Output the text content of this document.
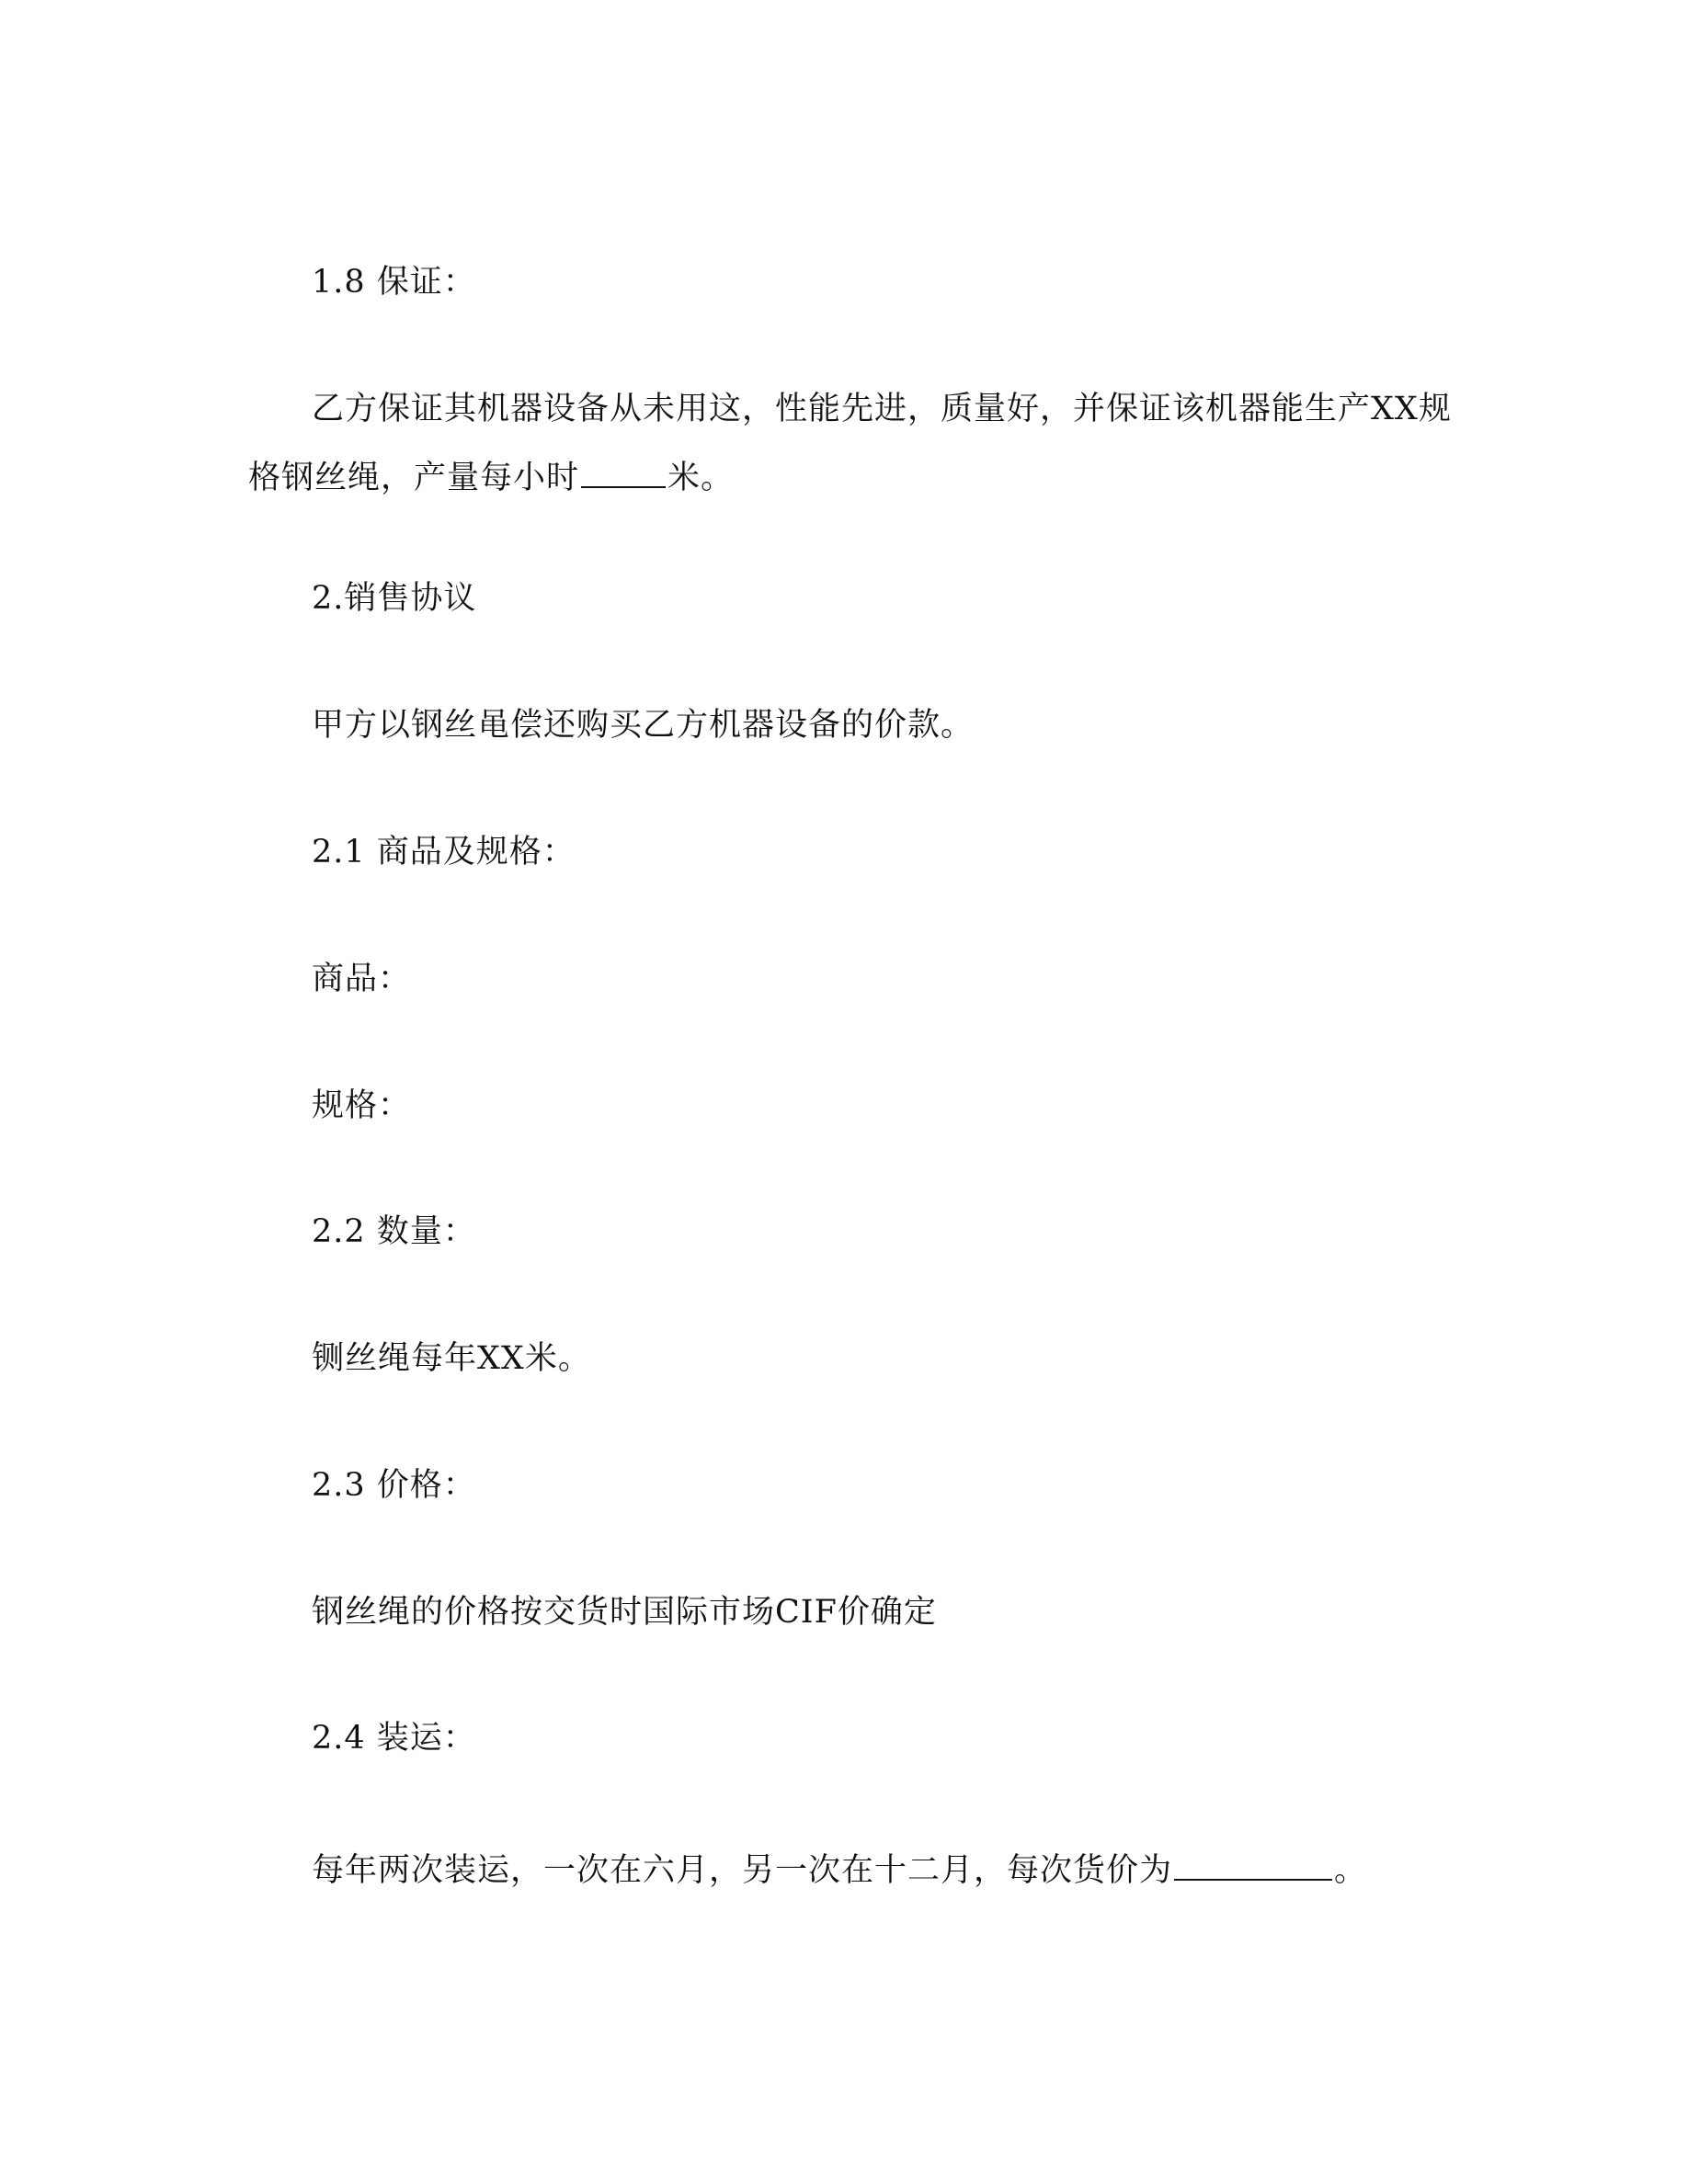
1.8 保证：
乙方保证其机器设备从未用这，性能先进，质量好，并保证该机器能生产XX规
格钢丝绳，产量每小时	米。
2.销售协议
甲方以钢丝黾偿还购买乙方机器设备的价款。
2.1 商品及规格：
商品：
规格：
2.2 数量：
铡丝绳每年XX米。
2.3 价格：
钢丝绳的价格按交货时国际市场CIF价确定
2.4 装运：
每年两次装运，一次在六月，另一次在十二月，每次货价为	。
